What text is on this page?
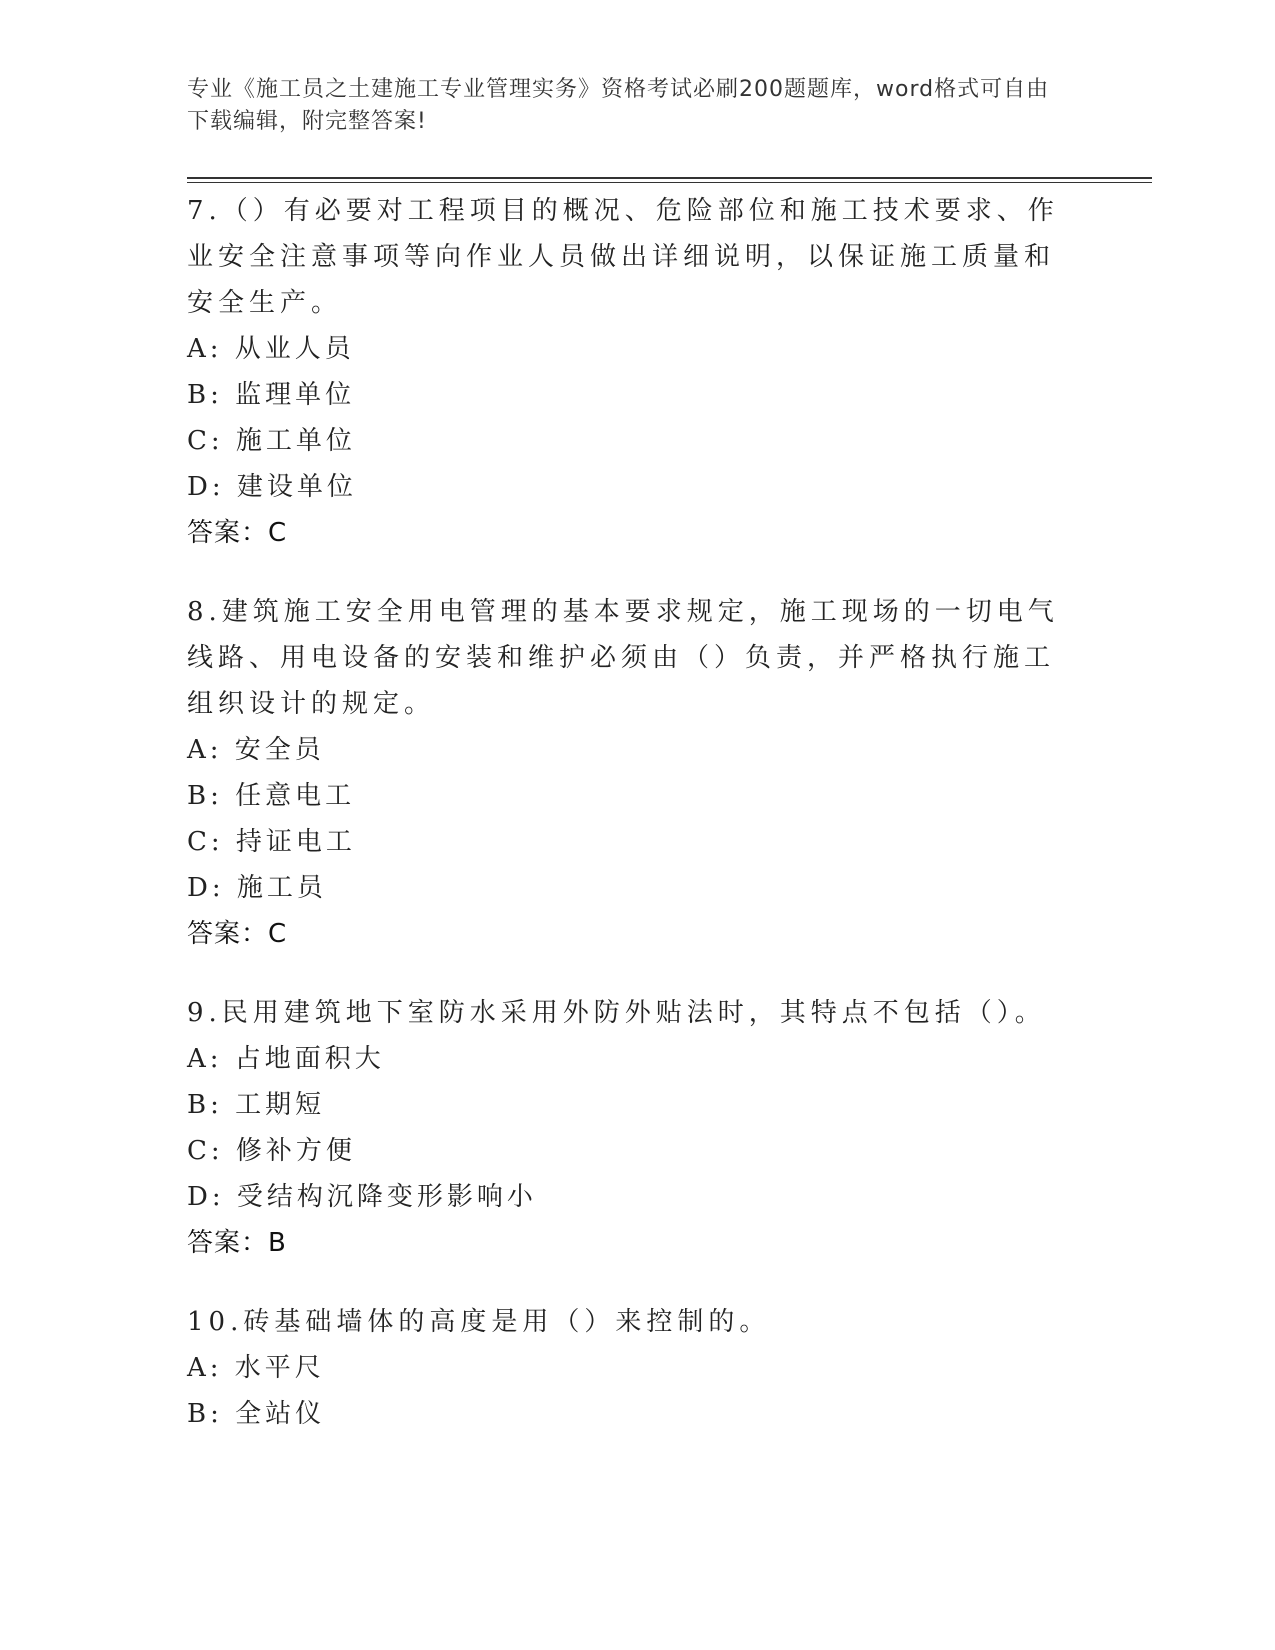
专业《施工员之土建施工专业管理实务》资格考试必刷200题题库，word格式可自由下载编辑，附完整答案!

7.（）有必要对工程项目的概况、危险部位和施工技术要求、作业安全注意事项等向作业人员做出详细说明，以保证施工质量和安全生产。

A: 从业人员

B: 监理单位

C: 施工单位

D: 建设单位

答案：C

8.建筑施工安全用电管理的基本要求规定，施工现场的一切电气线路、用电设备的安装和维护必须由（）负责，并严格执行施工组织设计的规定。

A: 安全员

B: 任意电工

C: 持证电工

D: 施工员

答案：C

9.民用建筑地下室防水采用外防外贴法时，其特点不包括（）。

A: 占地面积大

B: 工期短

C: 修补方便

D: 受结构沉降变形影响小

答案：B

10.砖基础墙体的高度是用（）来控制的。

A: 水平尺

B: 全站仪
